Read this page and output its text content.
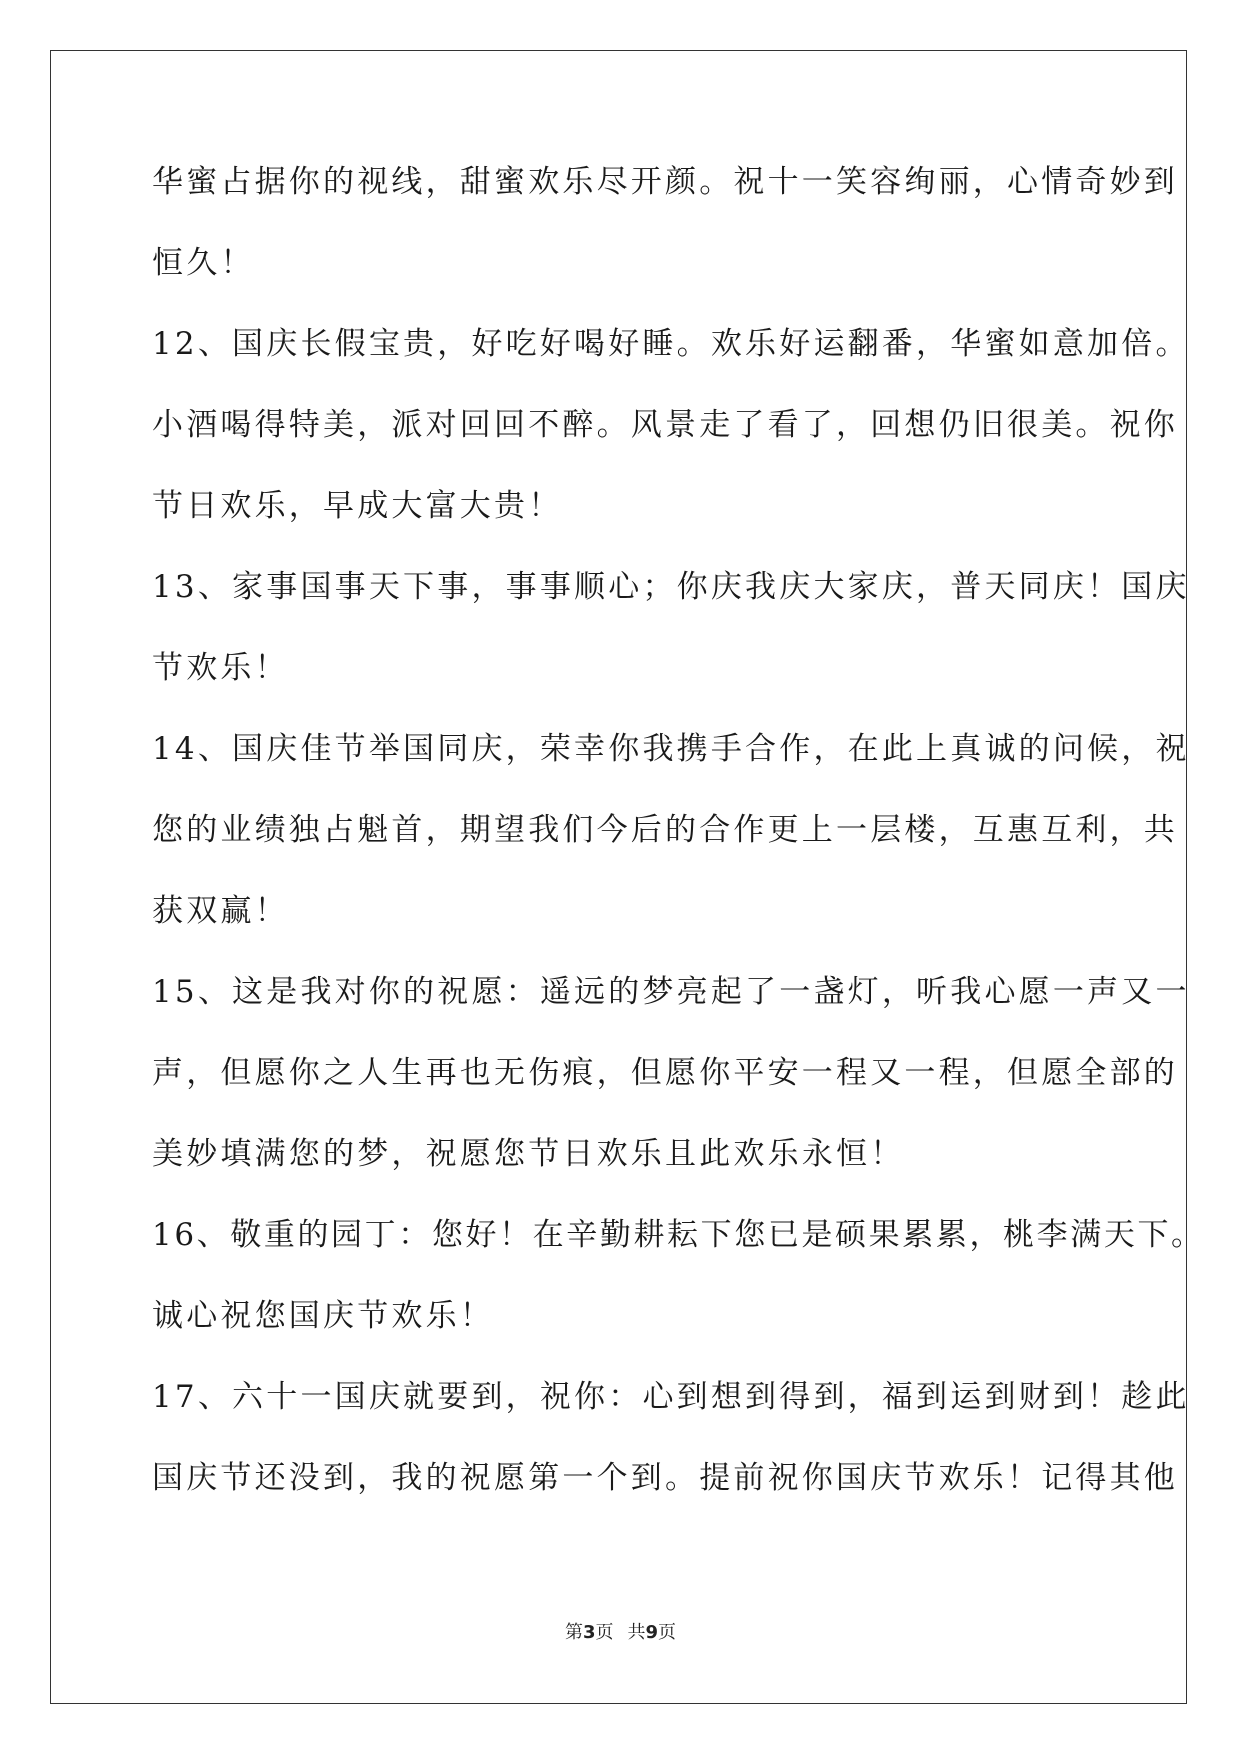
华蜜占据你的视线，甜蜜欢乐尽开颜。祝十一笑容绚丽，心情奇妙到
恒久！
12、国庆长假宝贵，好吃好喝好睡。欢乐好运翻番，华蜜如意加倍。
小酒喝得特美，派对回回不醉。风景走了看了，回想仍旧很美。祝你
节日欢乐，早成大富大贵！
13、家事国事天下事，事事顺心；你庆我庆大家庆，普天同庆！国庆
节欢乐！
14、国庆佳节举国同庆，荣幸你我携手合作，在此上真诚的问候，祝
您的业绩独占魁首，期望我们今后的合作更上一层楼，互惠互利，共
获双赢！
15、这是我对你的祝愿：遥远的梦亮起了一盏灯，听我心愿一声又一
声，但愿你之人生再也无伤痕，但愿你平安一程又一程，但愿全部的
美妙填满您的梦，祝愿您节日欢乐且此欢乐永恒！
16、敬重的园丁：您好！在辛勤耕耘下您已是硕果累累，桃李满天下。
诚心祝您国庆节欢乐！
17、六十一国庆就要到，祝你：心到想到得到，福到运到财到！趁此
国庆节还没到，我的祝愿第一个到。提前祝你国庆节欢乐！记得其他
第3页 共9页
